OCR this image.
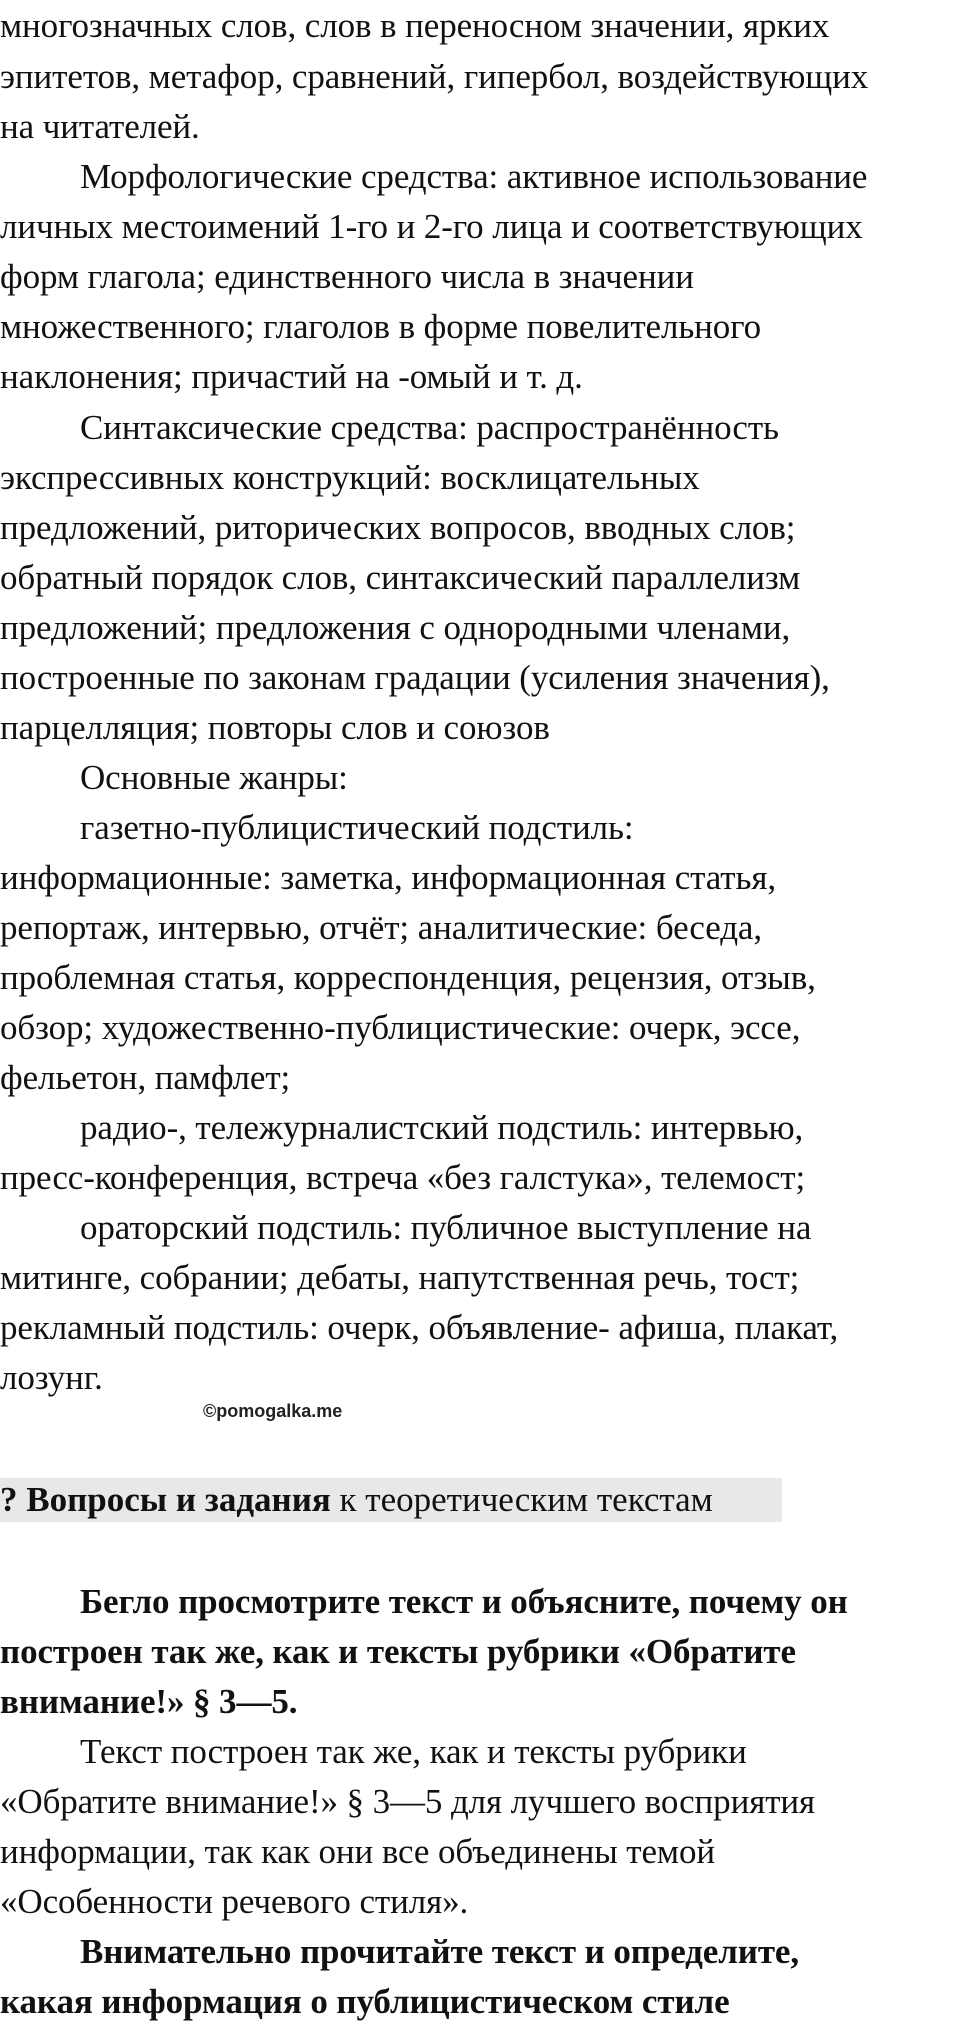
многозначных слов, слов в переносном значении, ярких
эпитетов, метафор, сравнений, гипербол, воздействующих
на читателей.
Морфологические средства: активное использование
личных местоимений 1-го и 2-го лица и соответствующих
форм глагола; единственного числа в значении
множественного; глаголов в форме повелительного
наклонения; причастий на -омый и т. д.
Синтаксические средства: распространённость
экспрессивных конструкций: восклицательных
предложений, риторических вопросов, вводных слов;
обратный порядок слов, синтаксический параллелизм
предложений; предложения с однородными членами,
построенные по законам градации (усиления значения),
парцелляция; повторы слов и союзов
Основные жанры:
газетно-публицистический подстиль:
информационные: заметка, информационная статья,
репортаж, интервью, отчёт; аналитические: беседа,
проблемная статья, корреспонденция, рецензия, отзыв,
обзор; художественно-публицистические: очерк, эссе,
фельетон, памфлет;
радио-, тележурналистский подстиль: интервью,
пресс-конференция, встреча «без галстука», телемост;
ораторский подстиль: публичное выступление на
митинге, собрании; дебаты, напутственная речь, тост;
рекламный подстиль: очерк, объявление- афиша, плакат,
лозунг.
©pomogalka.me
? Вопросы и задания к теоретическим текстам
Бегло просмотрите текст и объясните, почему он
построен так же, как и тексты рубрики «Обратите
внимание!» § 3—5.
Текст построен так же, как и тексты рубрики
«Обратите внимание!» § 3—5 для лучшего восприятия
информации, так как они все объединены темой
«Особенности речевого стиля».
Внимательно прочитайте текст и определите,
какая информация о публицистическом стиле
